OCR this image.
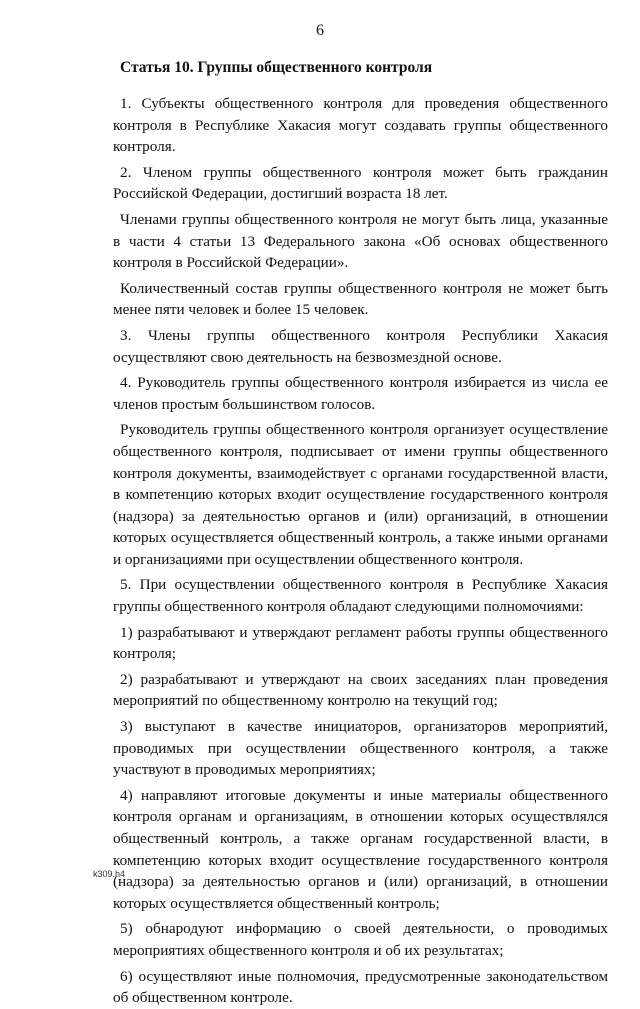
6
Статья 10. Группы общественного контроля

1. Субъекты общественного контроля для проведения общественного контроля в Республике Хакасия могут создавать группы общественного контроля.

2. Членом группы общественного контроля может быть гражданин Российской Федерации, достигший возраста 18 лет.

Членами группы общественного контроля не могут быть лица, указанные в части 4 статьи 13 Федерального закона «Об основах общественного контроля в Российской Федерации».

Количественный состав группы общественного контроля не может быть менее пяти человек и более 15 человек.

3. Члены группы общественного контроля Республики Хакасия осуществляют свою деятельность на безвозмездной основе.

4. Руководитель группы общественного контроля избирается из числа ее членов простым большинством голосов.

Руководитель группы общественного контроля организует осуществление общественного контроля, подписывает от имени группы общественного контроля документы, взаимодействует с органами государственной власти, в компетенцию которых входит осуществление государственного контроля (надзора) за деятельностью органов и (или) организаций, в отношении которых осуществляется общественный контроль, а также иными органами и организациями при осуществлении общественного контроля.

5. При осуществлении общественного контроля в Республике Хакасия группы общественного контроля обладают следующими полномочиями:

1) разрабатывают и утверждают регламент работы группы общественного контроля;

2) разрабатывают и утверждают на своих заседаниях план проведения мероприятий по общественному контролю на текущий год;

3) выступают в качестве инициаторов, организаторов мероприятий, проводимых при осуществлении общественного контроля, а также участвуют в проводимых мероприятиях;

4) направляют итоговые документы и иные материалы общественного контроля органам и организациям, в отношении которых осуществлялся общественный контроль, а также органам государственной власти, в компетенцию которых входит осуществление государственного контроля (надзора) за деятельностью органов и (или) организаций, в отношении которых осуществляется общественный контроль;

5) обнародуют информацию о своей деятельности, о проводимых мероприятиях общественного контроля и об их результатах;

6) осуществляют иные полномочия, предусмотренные законодательством об общественном контроле.

k309.h4
